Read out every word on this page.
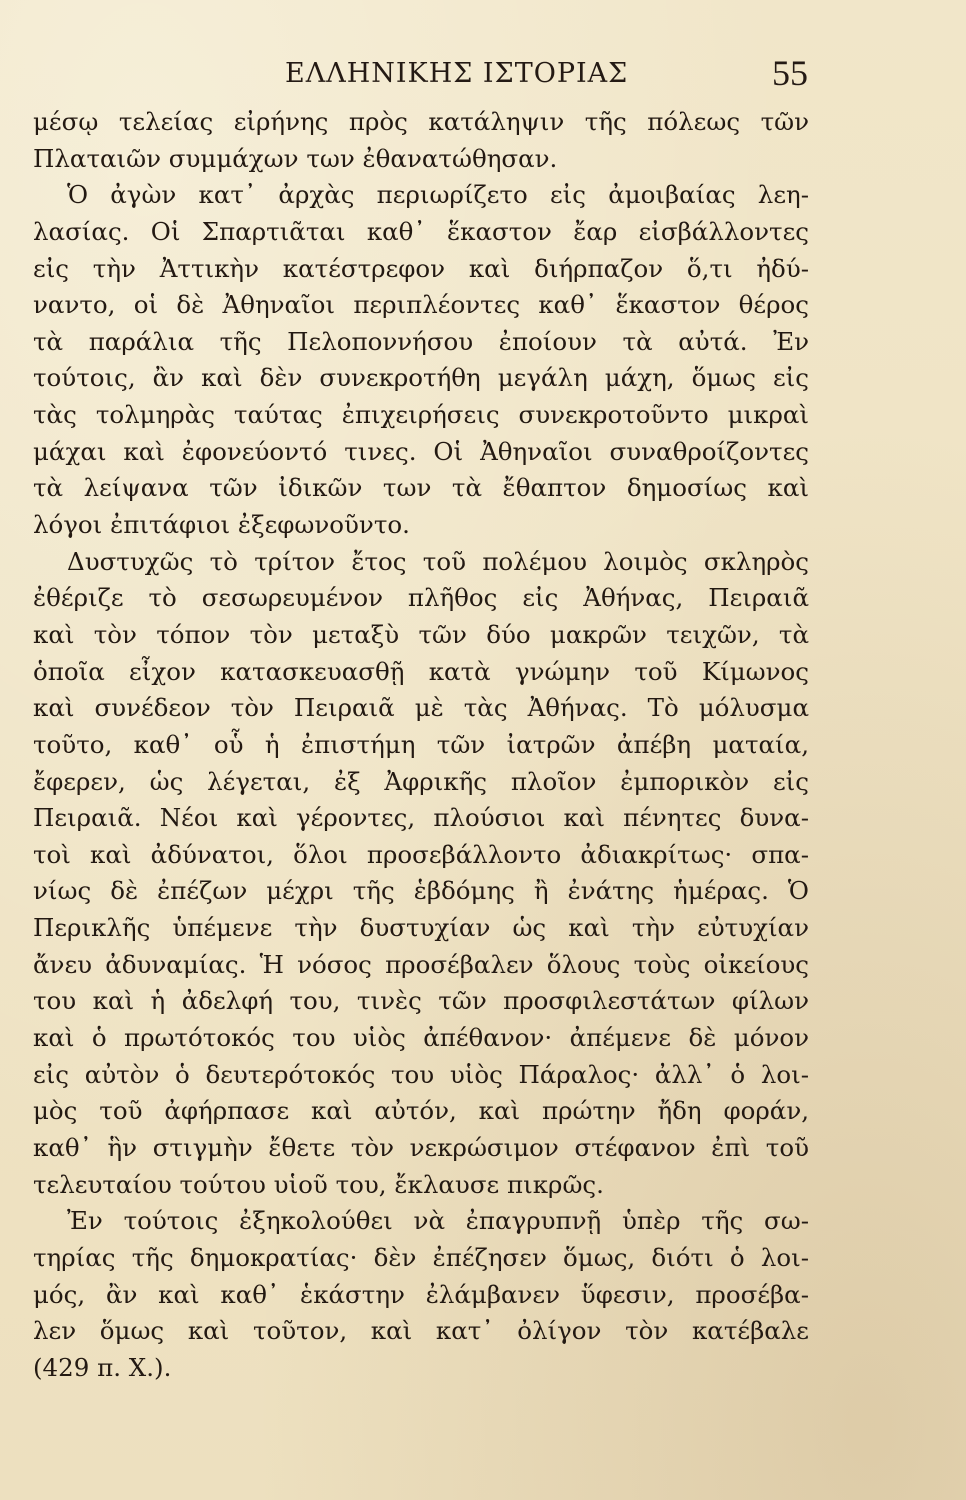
ΕΛΛΗΝΙΚΗΣ ΙΣΤΟΡΙΑΣ	55
μέσῳ τελείας εἰρήνης πρὸς κατάληψιν τῆς πόλεως τῶν
Πλαταιῶν συμμάχων των ἐθανατώθησαν.
Ὁ ἀγὼν κατ᾽ ἀρχὰς περιωρίζετο εἰς ἀμοιβαίας λεη-
λασίας. Οἱ Σπαρτιᾶται καθ᾽ ἕκαστον ἔαρ εἰσβάλλοντες
εἰς τὴν Ἀττικὴν κατέστρεφον καὶ διήρπαζον ὅ,τι ἠδύ-
ναντο, οἱ δὲ Ἀθηναῖοι περιπλέοντες καθ᾽ ἕκαστον θέρος
τὰ παράλια τῆς Πελοποννήσου ἐποίουν τὰ αὐτά. Ἐν
τούτοις, ἂν καὶ δὲν συνεκροτήθη μεγάλη μάχη, ὅμως εἰς
τὰς τολμηρὰς ταύτας ἐπιχειρήσεις συνεκροτοῦντο μικραὶ
μάχαι καὶ ἐφονεύοντό τινες. Οἱ Ἀθηναῖοι συναθροίζοντες
τὰ λείψανα τῶν ἰδικῶν των τὰ ἔθαπτον δημοσίως καὶ
λόγοι ἐπιτάφιοι ἐξεφωνοῦντο.
Δυστυχῶς τὸ τρίτον ἔτος τοῦ πολέμου λοιμὸς σκληρὸς
ἐθέριζε τὸ σεσωρευμένον πλῆθος εἰς Ἀθήνας, Πειραιᾶ
καὶ τὸν τόπον τὸν μεταξὺ τῶν δύο μακρῶν τειχῶν, τὰ
ὁποῖα εἶχον κατασκευασθῇ κατὰ γνώμην τοῦ Κίμωνος
καὶ συνέδεον τὸν Πειραιᾶ μὲ τὰς Ἀθήνας. Τὸ μόλυσμα
τοῦτο, καθ᾽ οὗ ἡ ἐπιστήμη τῶν ἰατρῶν ἀπέβη ματαία,
ἔφερεν, ὡς λέγεται, ἐξ Ἀφρικῆς πλοῖον ἐμπορικὸν εἰς
Πειραιᾶ. Νέοι καὶ γέροντες, πλούσιοι καὶ πένητες δυνα-
τοὶ καὶ ἀδύνατοι, ὅλοι προσεβάλλοντο ἀδιακρίτως· σπα-
νίως δὲ ἐπέζων μέχρι τῆς ἑβδόμης ἢ ἐνάτης ἡμέρας. Ὁ
Περικλῆς ὑπέμενε τὴν δυστυχίαν ὡς καὶ τὴν εὐτυχίαν
ἄνευ ἀδυναμίας. Ἡ νόσος προσέβαλεν ὅλους τοὺς οἰκείους
του καὶ ἡ ἀδελφή του, τινὲς τῶν προσφιλεστάτων φίλων
καὶ ὁ πρωτότοκός του υἱὸς ἀπέθανον· ἀπέμενε δὲ μόνον
εἰς αὐτὸν ὁ δευτερότοκός του υἱὸς Πάραλος· ἀλλ᾽ ὁ λοι-
μὸς τοῦ ἀφήρπασε καὶ αὐτόν, καὶ πρώτην ἤδη φοράν,
καθ᾽ ἣν στιγμὴν ἔθετε τὸν νεκρώσιμον στέφανον ἐπὶ τοῦ
τελευταίου τούτου υἱοῦ του, ἔκλαυσε πικρῶς.
Ἐν τούτοις ἐξηκολούθει νὰ ἐπαγρυπνῇ ὑπὲρ τῆς σω-
τηρίας τῆς δημοκρατίας· δὲν ἐπέζησεν ὅμως, διότι ὁ λοι-
μός, ἂν καὶ καθ᾽ ἑκάστην ἐλάμβανεν ὕφεσιν, προσέβα-
λεν ὅμως καὶ τοῦτον, καὶ κατ᾽ ὀλίγον τὸν κατέβαλε
(429 π. Χ.).
